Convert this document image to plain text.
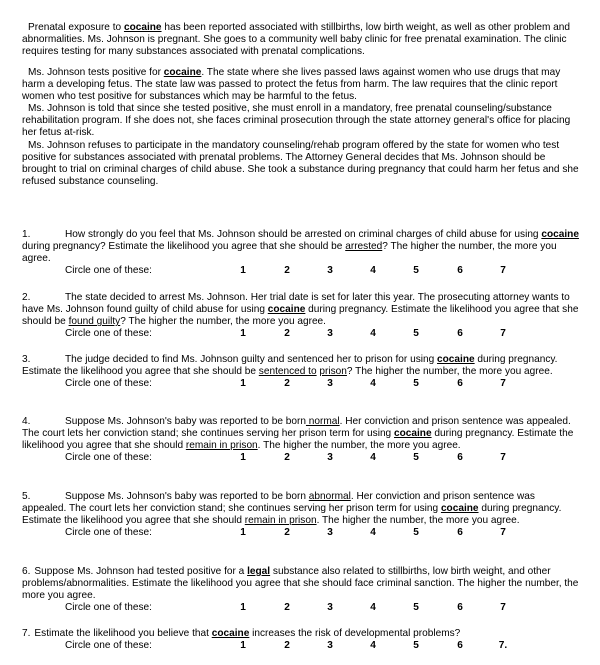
Prenatal exposure to cocaine has been reported associated with stillbirths, low birth weight, as well as other problem and abnormalities. Ms. Johnson is pregnant. She goes to a community well baby clinic for free prenatal examination. The clinic requires testing for many substances associated with prenatal complications.

Ms. Johnson tests positive for cocaine. The state where she lives passed laws against women who use drugs that may harm a developing fetus. The state law was passed to protect the fetus from harm. The law requires that the clinic report women who test positive for substances which may be harmful to the fetus.

Ms. Johnson is told that since she tested positive, she must enroll in a mandatory, free prenatal counseling/substance rehabilitation program. If she does not, she faces criminal prosecution through the state attorney general's office for placing her fetus at-risk.

Ms. Johnson refuses to participate in the mandatory counseling/rehab program offered by the state for women who test positive for substances associated with prenatal problems. The Attorney General decides that Ms. Johnson should be brought to trial on criminal charges of child abuse. She took a substance during pregnancy that could harm her fetus and she refused substance counseling.

1.	How strongly do you feel that Ms. Johnson should be arrested on criminal charges of child abuse for using cocaine during pregnancy? Estimate the likelihood you agree that she should be arrested? The higher the number, the more you agree.

Circle one of these:	1	2	3	4	5	6	7

2.	The state decided to arrest Ms. Johnson. Her trial date is set for later this year. The prosecuting attorney wants to have Ms. Johnson found guilty of child abuse for using cocaine during pregnancy. Estimate the likelihood you agree that she should be found guilty? The higher the number, the more you agree.

Circle one of these:	1	2	3	4	5	6	7

3.	The judge decided to find Ms. Johnson guilty and sentenced her to prison for using cocaine during pregnancy. Estimate the likelihood you agree that she should be sentenced to prison? The higher the number, the more you agree.

Circle one of these:	1	2	3	4	5	6	7

4.	Suppose Ms. Johnson's baby was reported to be born normal. Her conviction and prison sentence was appealed. The court lets her conviction stand; she continues serving her prison term for using cocaine during pregnancy. Estimate the likelihood you agree that she should remain in prison. The higher the number, the more you agree.

Circle one of these:	1	2	3	4	5	6	7

5.	Suppose Ms. Johnson's baby was reported to be born abnormal. Her conviction and prison sentence was appealed. The court lets her conviction stand; she continues serving her prison term for using cocaine during pregnancy. Estimate the likelihood you agree that she should remain in prison. The higher the number, the more you agree.

Circle one of these:	1	2	3	4	5	6	7

6. Suppose Ms. Johnson had tested positive for a legal substance also related to stillbirths, low birth weight, and other problems/abnormalities. Estimate the likelihood you agree that she should face criminal sanction. The higher the number, the more you agree.

Circle one of these:	1	2	3	4	5	6	7

7. Estimate the likelihood you believe that cocaine increases the risk of developmental problems?

Circle one of these:	1	2	3	4	5	6	7.
